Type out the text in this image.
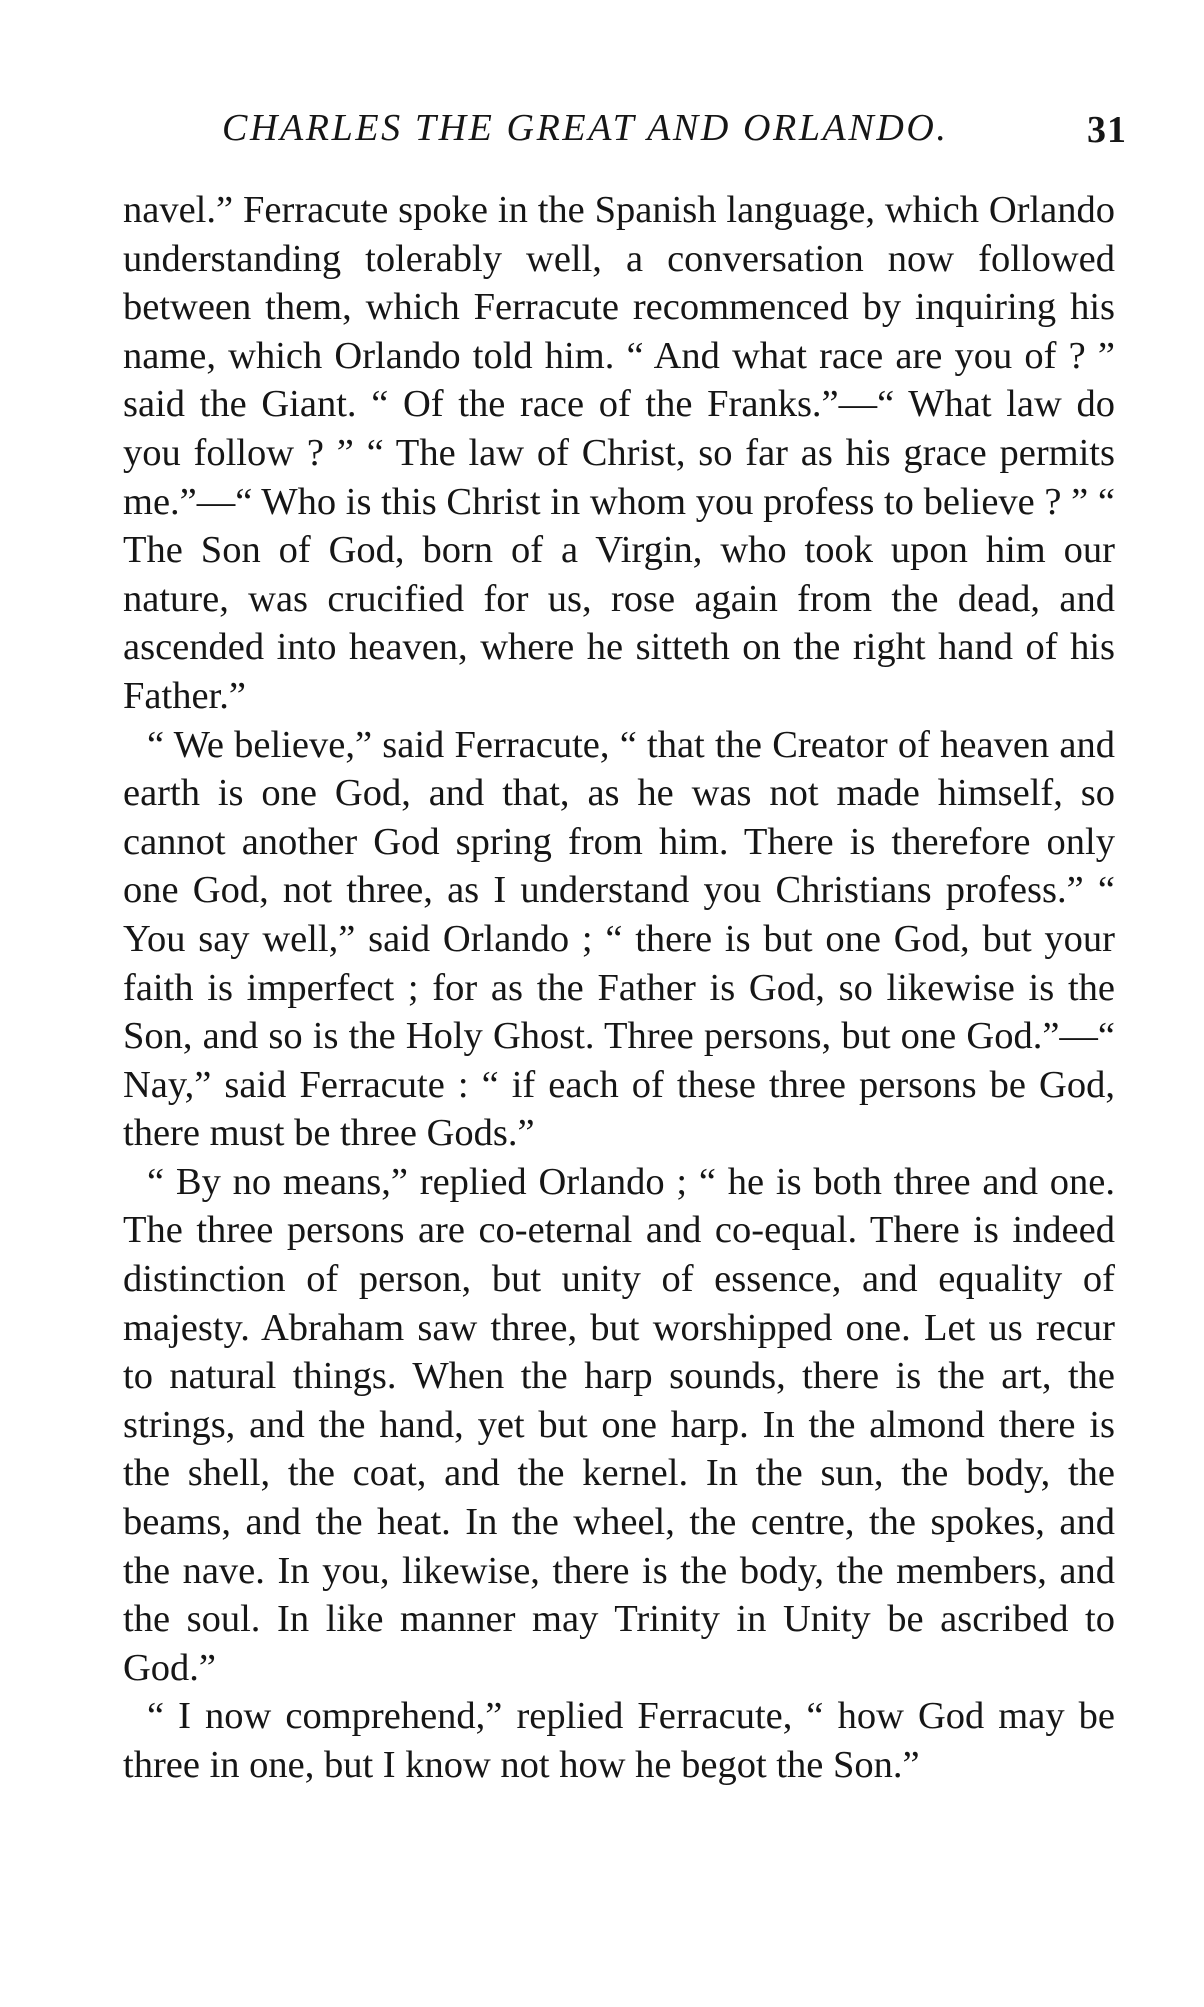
CHARLES THE GREAT AND ORLANDO.	31

navel.” Ferracute spoke in the Spanish language, which Orlando understanding tolerably well, a conversation now followed between them, which Ferracute recommenced by inquiring his name, which Orlando told him. “ And what race are you of ? ” said the Giant. “ Of the race of the Franks.”—“ What law do you follow ? ” “ The law of Christ, so far as his grace permits me.”—“ Who is this Christ in whom you profess to believe ? ” “ The Son of God, born of a Virgin, who took upon him our nature, was crucified for us, rose again from the dead, and ascended into heaven, where he sitteth on the right hand of his Father.”

“ We believe,” said Ferracute, “ that the Creator of heaven and earth is one God, and that, as he was not made himself, so cannot another God spring from him. There is therefore only one God, not three, as I understand you Christians profess.” “ You say well,” said Orlando ; “ there is but one God, but your faith is imperfect ; for as the Father is God, so likewise is the Son, and so is the Holy Ghost. Three persons, but one God.”—“ Nay,” said Ferracute : “ if each of these three persons be God, there must be three Gods.”

“ By no means,” replied Orlando ; “ he is both three and one. The three persons are co-eternal and co-equal. There is indeed distinction of person, but unity of essence, and equality of majesty. Abraham saw three, but worshipped one. Let us recur to natural things. When the harp sounds, there is the art, the strings, and the hand, yet but one harp. In the almond there is the shell, the coat, and the kernel. In the sun, the body, the beams, and the heat. In the wheel, the centre, the spokes, and the nave. In you, likewise, there is the body, the members, and the soul. In like manner may Trinity in Unity be ascribed to God.”

“ I now comprehend,” replied Ferracute, “ how God may be three in one, but I know not how he begot the Son.”
